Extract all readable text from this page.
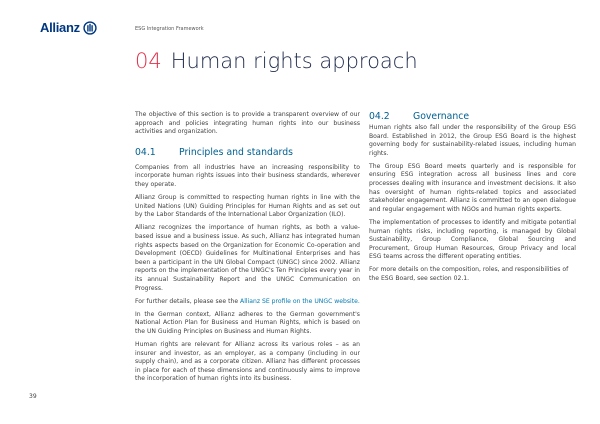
Allianz	ESG Integration Framework
04 Human rights approach

The objective of this section is to provide a transparent overview of our approach and policies integrating human rights into our business activities and organization.

04.1	Principles and standards

Companies from all industries have an increasing responsibility to incorporate human rights issues into their business standards, wherever they operate.

Allianz Group is committed to respecting human rights in line with the United Nations (UN) Guiding Principles for Human Rights and as set out by the Labor Standards of the International Labor Organization (ILO).

Allianz recognizes the importance of human rights, as both a value-based issue and a business issue. As such, Allianz has integrated human rights aspects based on the Organization for Economic Co-operation and Development (OECD) Guidelines for Multinational Enterprises and has been a participant in the UN Global Compact (UNGC) since 2002. Allianz reports on the implementation of the UNGC's Ten Principles every year in its annual Sustainability Report and the UNGC Communication on Progress.

For further details, please see the Allianz SE profile on the UNGC website.

In the German context, Allianz adheres to the German government's National Action Plan for Business and Human Rights, which is based on the UN Guiding Principles on Business and Human Rights.

Human rights are relevant for Allianz across its various roles – as an insurer and investor, as an employer, as a company (including in our supply chain), and as a corporate citizen. Allianz has different processes in place for each of these dimensions and continuously aims to improve the incorporation of human rights into its business.

04.2	Governance

Human rights also fall under the responsibility of the Group ESG Board. Established in 2012, the Group ESG Board is the highest governing body for sustainability-related issues, including human rights.

The Group ESG Board meets quarterly and is responsible for ensuring ESG integration across all business lines and core processes dealing with insurance and investment decisions. It also has oversight of human rights-related topics and associated stakeholder engagement. Allianz is committed to an open dialogue and regular engagement with NGOs and human rights experts.

The implementation of processes to identify and mitigate potential human rights risks, including reporting, is managed by Global Sustainability, Group Compliance, Global Sourcing and Procurement, Group Human Resources, Group Privacy and local ESG teams across the different operating entities.

For more details on the composition, roles, and responsibilities of the ESG Board, see section 02.1.

39
